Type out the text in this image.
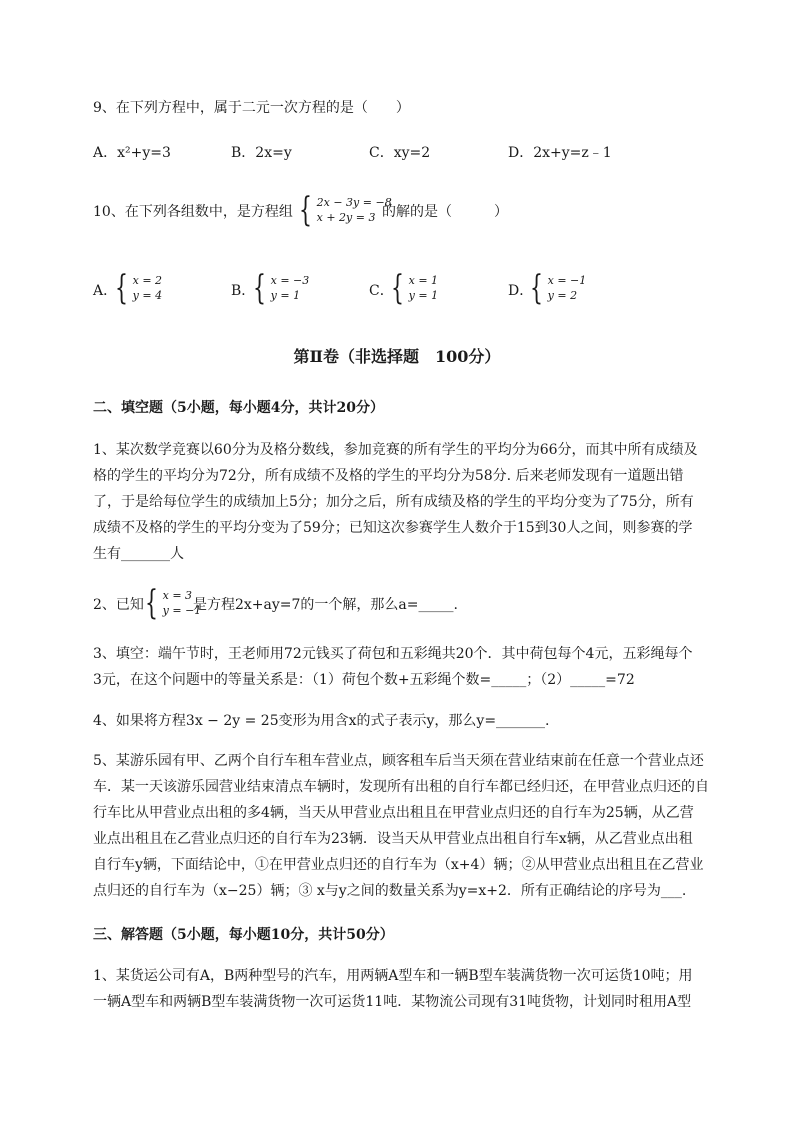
9、在下列方程中，属于二元一次方程的是（　　）
A．x²+y=3	B．2x=y	C．xy=2	D．2x+y=z﹣1
10、在下列各组数中，是方程组 { 2x − 3y = −8
x + 2y = 3 的解的是（　　　）
A．
{ x = 2
y = 4	B．
{ x = −3
y = 1	C．
{ x = 1
y = 1	D．
{ x = −1
y = 2
第Ⅱ卷（非选择题　100分）
二、填空题（5小题，每小题4分，共计20分）
1、某次数学竞赛以60分为及格分数线，参加竞赛的所有学生的平均分为66分，而其中所有成绩及
格的学生的平均分为72分，所有成绩不及格的学生的平均分为58分. 后来老师发现有一道题出错
了，于是给每位学生的成绩加上5分；加分之后，所有成绩及格的学生的平均分变为了75分，所有
成绩不及格的学生的平均分变为了59分；已知这次参赛学生人数介于15到30人之间，则参赛的学
生有_______人
2、已知 { x = 3
y = −1
是方程2x+ay=7的一个解，那么a=_____.
3、填空：端午节时，王老师用72元钱买了荷包和五彩绳共20个．其中荷包每个4元，五彩绳每个
3元，在这个问题中的等量关系是：（1）荷包个数+五彩绳个数=_____；（2）_____=72
4、如果将方程3x − 2y = 25变形为用含x的式子表示y，那么y=_______.
5、某游乐园有甲、乙两个自行车租车营业点，顾客租车后当天须在营业结束前在任意一个营业点还
车．某一天该游乐园营业结束清点车辆时，发现所有出租的自行车都已经归还，在甲营业点归还的自
行车比从甲营业点出租的多4辆，当天从甲营业点出租且在甲营业点归还的自行车为25辆，从乙营
业点出租且在乙营业点归还的自行车为23辆．设当天从甲营业点出租自行车x辆，从乙营业点出租
自行车y辆，下面结论中，①在甲营业点归还的自行车为（x+4）辆；②从甲营业点出租且在乙营业
点归还的自行车为（x−25）辆；③ x与y之间的数量关系为y=x+2．所有正确结论的序号为___.
三、解答题（5小题，每小题10分，共计50分）
1、某货运公司有A，B两种型号的汽车，用两辆A型车和一辆B型车装满货物一次可运货10吨；用
一辆A型车和两辆B型车装满货物一次可运货11吨．某物流公司现有31吨货物，计划同时租用A型
